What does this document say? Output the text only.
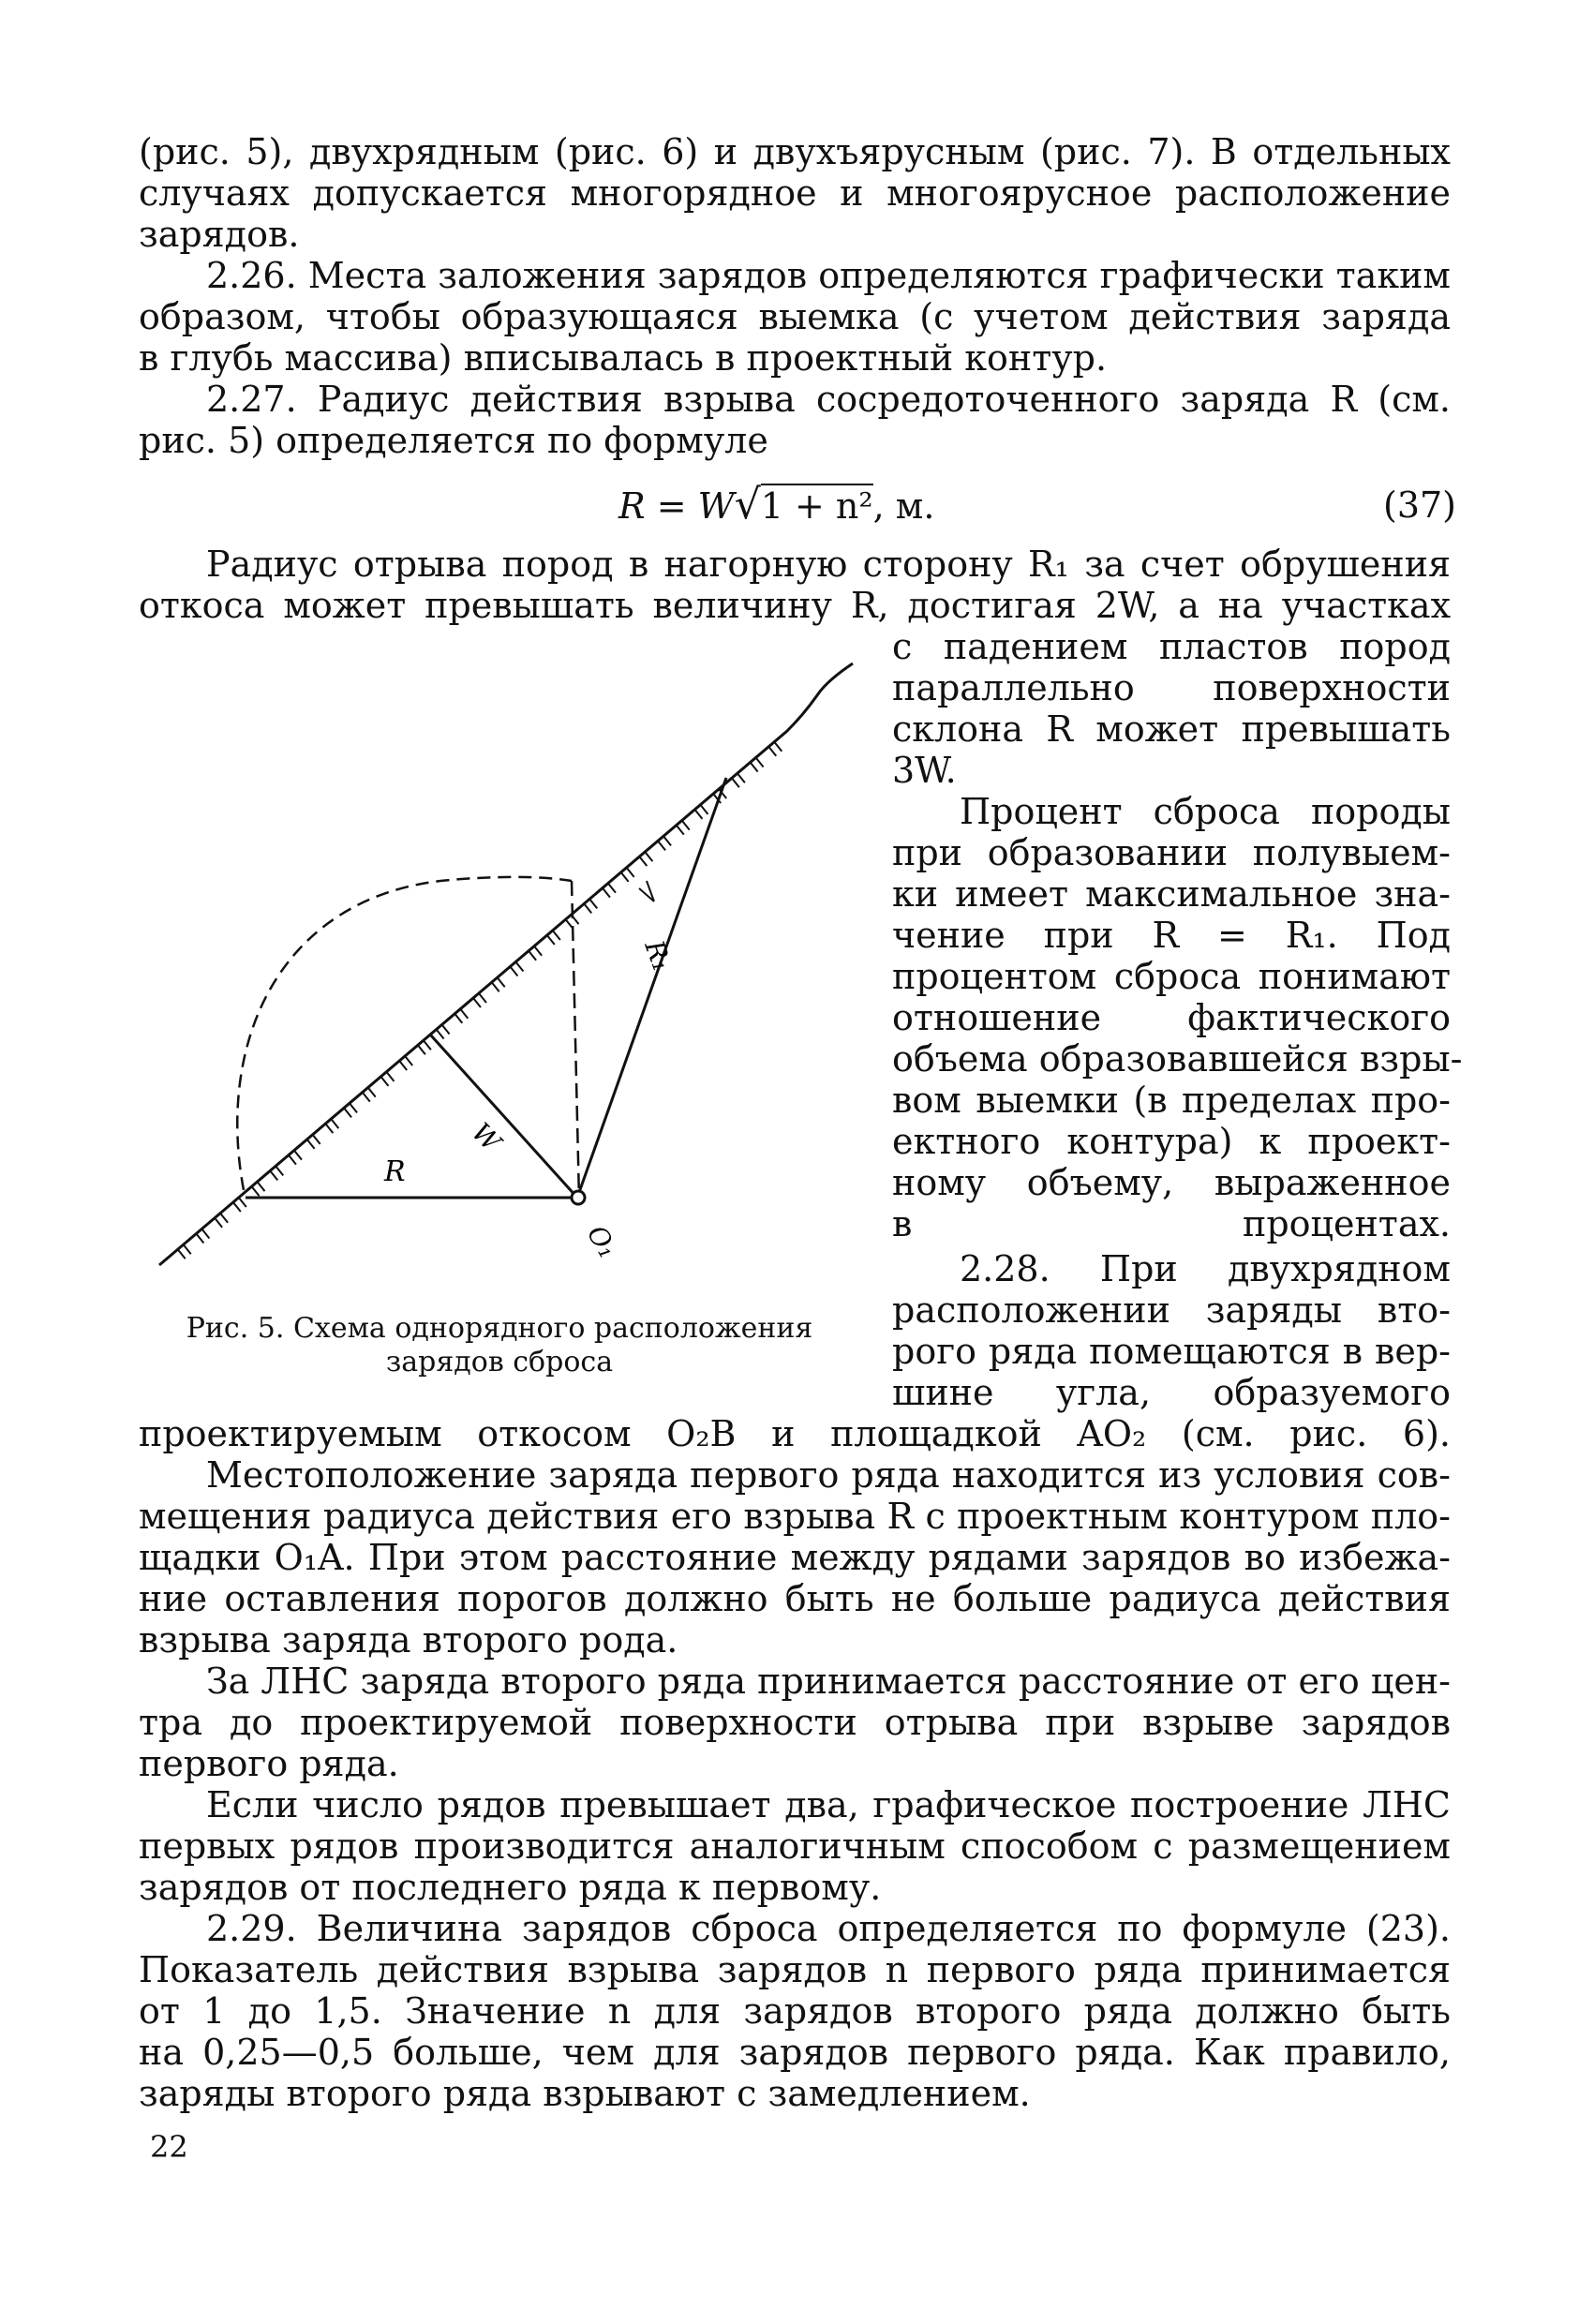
(рис. 5), двухрядным (рис. 6) и двухъярусным (рис. 7). В отдельных
случаях допускается многорядное и многоярусное расположение
зарядов.
2.26. Места заложения зарядов определяются графически таким
образом, чтобы образующаяся выемка (с учетом действия заряда
в глубь массива) вписывалась в проектный контур.
2.27. Радиус действия взрыва сосредоточенного заряда R (см.
рис. 5) определяется по формуле
R = W√1 + n², м.	(37)
Радиус отрыва пород в нагорную сторону R₁ за счет обрушения
откоса может превышать величину R, достигая 2W, а на участках
с падением пластов пород
параллельно поверхности
склона R может превышать
3W.
Процент сброса породы
при образовании полувыем-
ки имеет максимальное зна-
чение при R = R₁. Под
процентом сброса понимают
отношение фактического
объема образовавшейся взры-
вом выемки (в пределах про-
ектного контура) к проект-
ному объему, выраженное
в процентах.
2.28. При двухрядном
расположении заряды вто-
рого ряда помещаются в вер-
шине угла, образуемого
R
W
R₁
O₁
Рис. 5. Схема однорядного расположения
зарядов сброса
проектируемым откосом O₂B и площадкой AO₂ (см. рис. 6).
Местоположение заряда первого ряда находится из условия сов-
мещения радиуса действия его взрыва R с проектным контуром пло-
щадки O₁A. При этом расстояние между рядами зарядов во избежа-
ние оставления порогов должно быть не больше радиуса действия
взрыва заряда второго рода.
За ЛНС заряда второго ряда принимается расстояние от его цен-
тра до проектируемой поверхности отрыва при взрыве зарядов
первого ряда.
Если число рядов превышает два, графическое построение ЛНС
первых рядов производится аналогичным способом с размещением
зарядов от последнего ряда к первому.
2.29. Величина зарядов сброса определяется по формуле (23).
Показатель действия взрыва зарядов n первого ряда принимается
от 1 до 1,5. Значение n для зарядов второго ряда должно быть
на 0,25—0,5 больше, чем для зарядов первого ряда. Как правило,
заряды второго ряда взрывают с замедлением.
22
